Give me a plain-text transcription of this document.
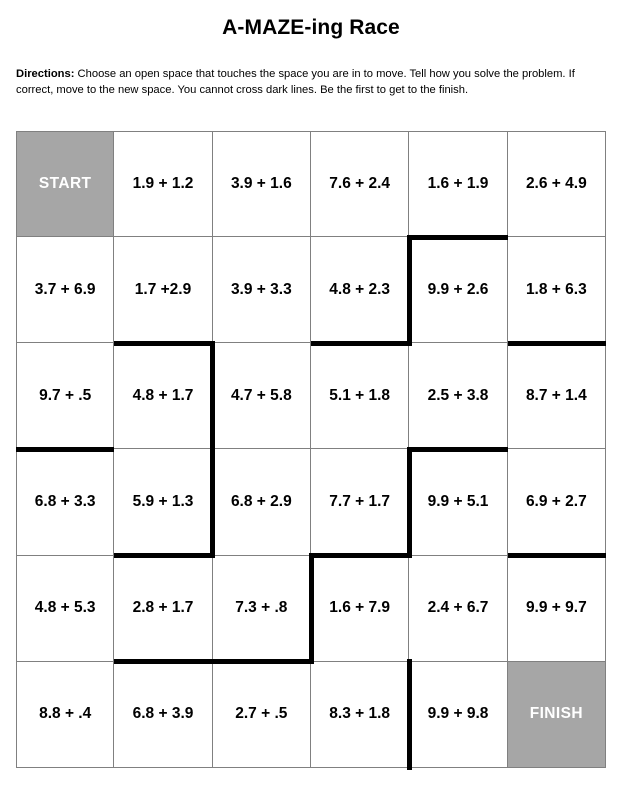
A-MAZE-ing Race
Directions: Choose an open space that touches the space you are in to move. Tell how you solve the problem. If correct, move to the new space. You cannot cross dark lines. Be the first to get to the finish.
START	1.9 + 1.2	3.9 + 1.6	7.6 + 2.4	1.6 + 1.9	2.6 + 4.9
3.7 + 6.9	1.7 +2.9	3.9 + 3.3	4.8 + 2.3	9.9 + 2.6	1.8 + 6.3
9.7 + .5	4.8 + 1.7	4.7 + 5.8	5.1 + 1.8	2.5 + 3.8	8.7 + 1.4
6.8 + 3.3	5.9 + 1.3	6.8 + 2.9	7.7 + 1.7	9.9 + 5.1	6.9 + 2.7
4.8 + 5.3	2.8 + 1.7	7.3 + .8	1.6 + 7.9	2.4 + 6.7	9.9 + 9.7
8.8 + .4	6.8 + 3.9	2.7 + .5	8.3 + 1.8	9.9 + 9.8	FINISH
